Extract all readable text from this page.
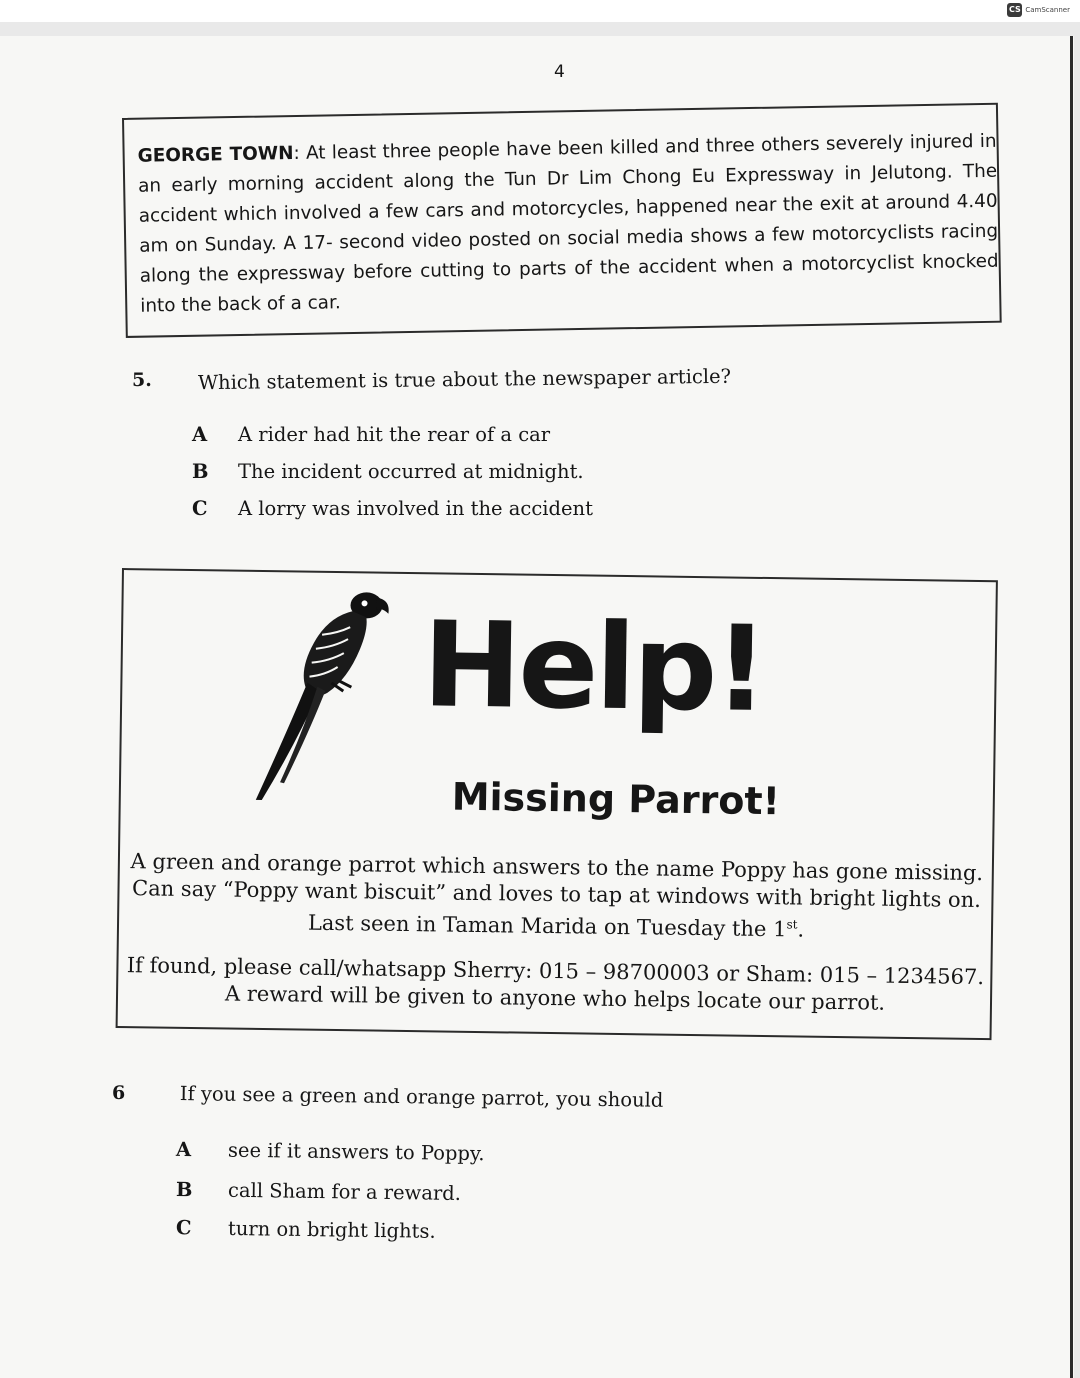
CS CamScanner
4
GEORGE TOWN: At least three people have been killed and three others severely injured in an early morning accident along the Tun Dr Lim Chong Eu Expressway in Jelutong. The accident which involved a few cars and motorcycles, happened near the exit at around 4.40 am on Sunday. A 17- second video posted on social media shows a few motorcyclists racing along the expressway before cutting to parts of the accident when a motorcyclist knocked into the back of a car.
5. Which statement is true about the newspaper article?
A A rider had hit the rear of a car
B The incident occurred at midnight.
C A lorry was involved in the accident
Help!
Missing Parrot!
A green and orange parrot which answers to the name Poppy has gone missing. Can say “Poppy want biscuit” and loves to tap at windows with bright lights on. Last seen in Taman Marida on Tuesday the 1st.
If found, please call/whatsapp Sherry: 015 – 98700003 or Sham: 015 – 1234567.
A reward will be given to anyone who helps locate our parrot.
6	If you see a green and orange parrot, you should
A see if it answers to Poppy.
B call Sham for a reward.
C turn on bright lights.
